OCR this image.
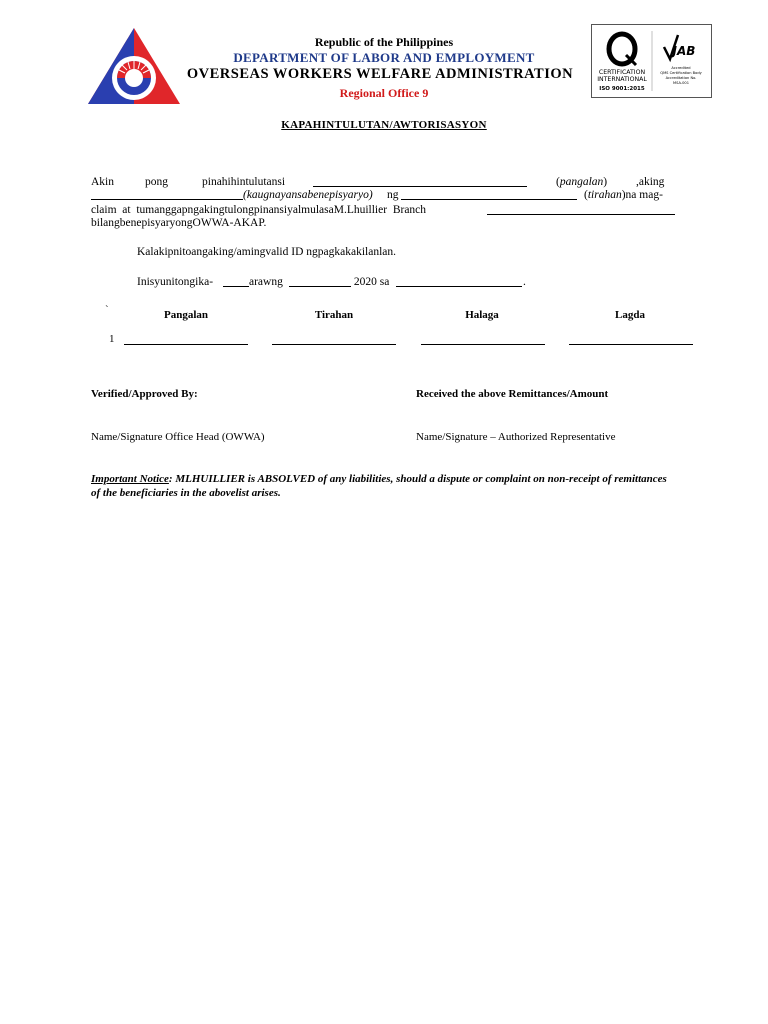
CERTIFICATION
INTERNATIONAL
ISO 9001:2015
JAB
Accredited
QMS Certification Body
Accreditation No.
MSA-001
Republic of the Philippines
DEPARTMENT OF LABOR AND EMPLOYMENT
OVERSEAS WORKERS WELFARE ADMINISTRATION
Regional Office 9
KAPAHINTULUTAN/AWTORISASYON
Akin	pong	pinahihintulutansi	(pangalan)	,aking
(kaugnayansabenepisyaryo) ng	(tirahan)na mag-
claim  at  tumanggapngakingtulongpinansiyalmulasaM.Lhuillier  Branch
bilangbenepisyaryongOWWA-AKAP.
Kalakipnitoangaking/amingvalid ID ngpagkakakilanlan.
Inisyunitongika-	arawng	2020 sa	.
`	Pangalan	Tirahan	Halaga	Lagda
1
Verified/Approved By:	Received the above Remittances/Amount
Name/Signature Office Head (OWWA)	Name/Signature – Authorized Representative
Important Notice: MLHUILLIER is ABSOLVED of any liabilities, should a dispute or complaint on non-receipt of remittances of the beneficiaries in the abovelist arises.
